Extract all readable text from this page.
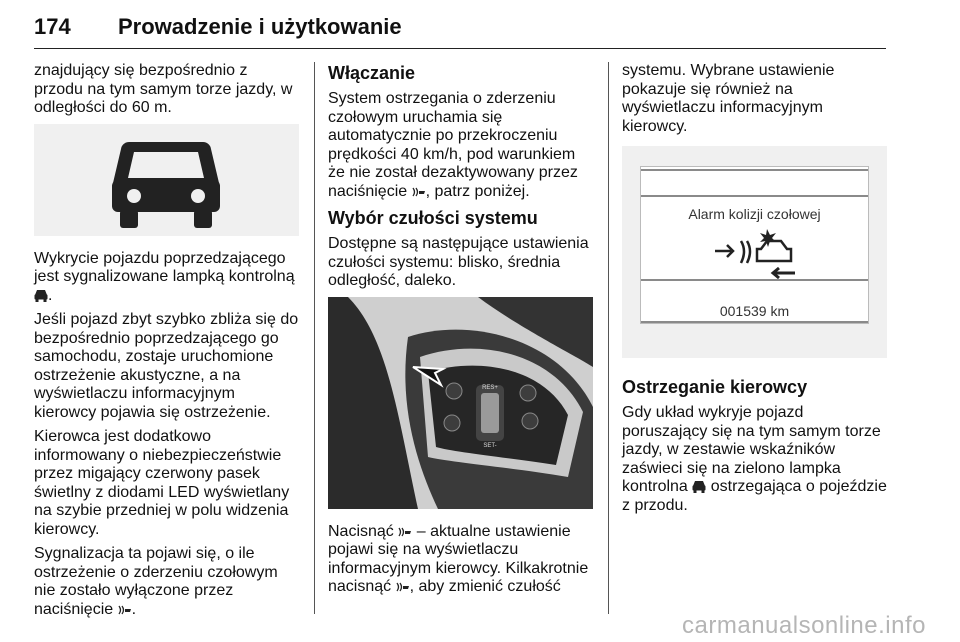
174 Prowadzenie i użytkowanie

znajdujący się bezpośrednio z przodu na tym samym torze jazdy, w odległości do 60 m.

Wykrycie pojazdu poprzedzającego jest sygnalizowane lampką kontrolną .

Jeśli pojazd zbyt szybko zbliża się do bezpośrednio poprzedzającego go samochodu, zostaje uruchomione ostrzeżenie akustyczne, a na wyświetlaczu informacyjnym kierowcy pojawia się ostrzeżenie.

Kierowca jest dodatkowo informowany o niebezpieczeństwie przez migający czerwony pasek świetlny z diodami LED wyświetlany na szybie przedniej w polu widzenia kierowcy.

Sygnalizacja ta pojawi się, o ile ostrzeżenie o zderzeniu czołowym nie zostało wyłączone przez naciśnięcie .

Włączanie

System ostrzegania o zderzeniu czołowym uruchamia się automatycznie po przekroczeniu prędkości 40 km/h, pod warunkiem że nie został dezaktywowany przez naciśnięcie , patrz poniżej.

Wybór czułości systemu

Dostępne są następujące ustawienia czułości systemu: blisko, średnia odległość, daleko.

RES+
SET-

Nacisnąć – aktualne ustawienie pojawi się na wyświetlaczu informacyjnym kierowcy. Kilkakrotnie nacisnąć , aby zmienić czułość

systemu. Wybrane ustawienie pokazuje się również na wyświetlaczu informacyjnym kierowcy.

Alarm kolizji czołowej
001539 km
Ostrzeganie kierowcy

Gdy układ wykryje pojazd poruszający się na tym samym torze jazdy, w zestawie wskaźników zaświeci się na zielono lampka kontrolna ostrzegająca o pojeździe z przodu.

carmanualsonline.info
